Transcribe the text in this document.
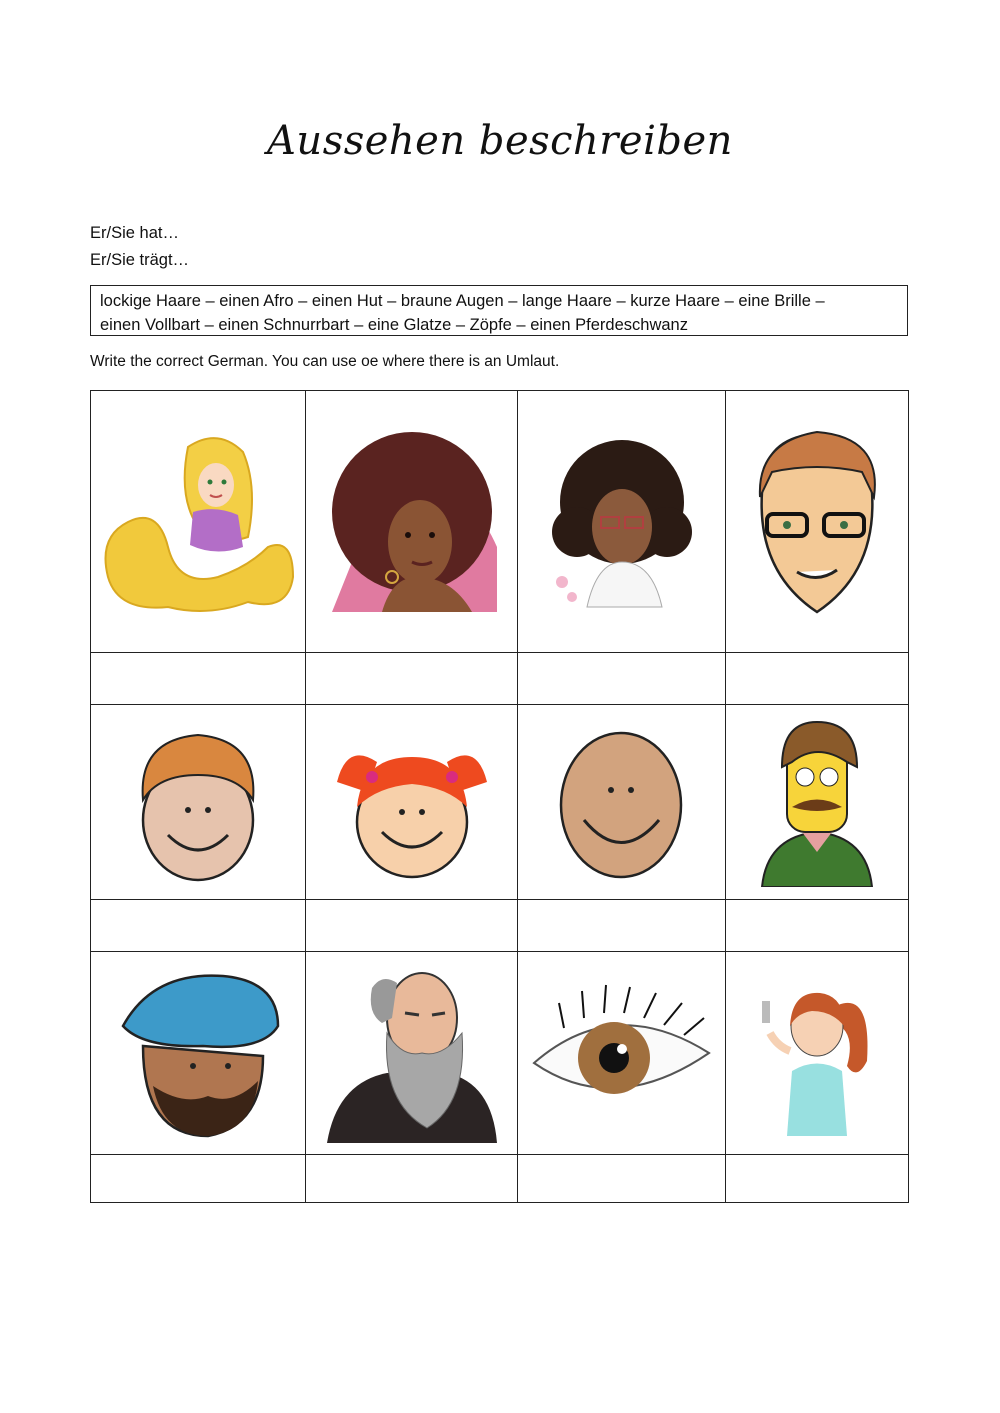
Aussehen beschreiben
Er/Sie hat…
Er/Sie trägt…
lockige Haare – einen Afro – einen Hut – braune Augen – lange Haare – kurze Haare – eine Brille –
einen Vollbart – einen Schnurrbart – eine Glatze – Zöpfe – einen Pferdeschwanz
Write the correct German. You can use oe where there is an Umlaut.
